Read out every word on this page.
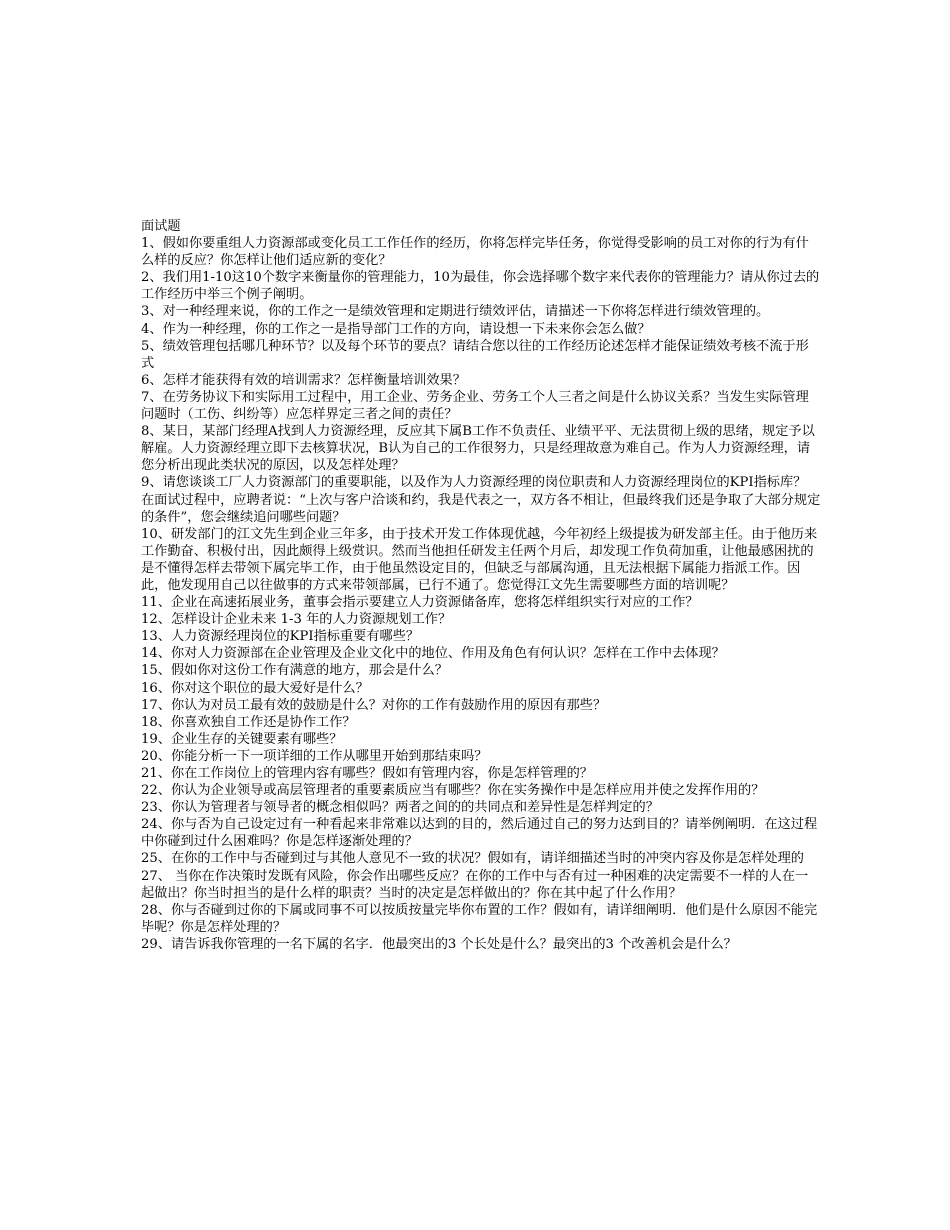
面试题

1、假如你要重组人力资源部或变化员工工作任作的经历，你将怎样完毕任务，你觉得受影响的员工对你的行为有什么样的反应？你怎样让他们适应新的变化？

2、我们用1-10这10个数字来衡量你的管理能力，10为最佳，你会选择哪个数字来代表你的管理能力？请从你过去的工作经历中举三个例子阐明。

3、对一种经理来说，你的工作之一是绩效管理和定期进行绩效评估，请描述一下你将怎样进行绩效管理的。

4、作为一种经理，你的工作之一是指导部门工作的方向，请设想一下未来你会怎么做？

5、绩效管理包括哪几种环节？以及每个环节的要点？请结合您以往的工作经历论述怎样才能保证绩效考核不流于形式

6、怎样才能获得有效的培训需求？怎样衡量培训效果？

7、在劳务协议下和实际用工过程中，用工企业、劳务企业、劳务工个人三者之间是什么协议关系？当发生实际管理问题时（工伤、纠纷等）应怎样界定三者之间的责任？

8、某日，某部门经理A找到人力资源经理，反应其下属B工作不负责任、业绩平平、无法贯彻上级的思绪，规定予以解雇。人力资源经理立即下去核算状况，B认为自己的工作很努力，只是经理故意为难自己。作为人力资源经理，请您分析出现此类状况的原因，以及怎样处理？

9、请您谈谈工厂人力资源部门的重要职能，以及作为人力资源经理的岗位职责和人力资源经理岗位的KPI指标库？

在面试过程中，应聘者说：“上次与客户洽谈和约，我是代表之一，双方各不相让，但最终我们还是争取了大部分规定的条件”，您会继续追问哪些问题？

10、研发部门的江文先生到企业三年多，由于技术开发工作体现优越，今年初经上级提拔为研发部主任。由于他历来工作勤奋、积极付出，因此颇得上级赏识。然而当他担任研发主任两个月后，却发现工作负荷加重，让他最感困扰的是不懂得怎样去带领下属完毕工作，由于他虽然设定目的，但缺乏与部属沟通，且无法根据下属能力指派工作。因此，他发现用自己以往做事的方式来带领部属，已行不通了。您觉得江文先生需要哪些方面的培训呢？

11、企业在高速拓展业务，董事会指示要建立人力资源储备库，您将怎样组织实行对应的工作？

12、怎样设计企业未来 1-3 年的人力资源规划工作？

13、人力资源经理岗位的KPI指标重要有哪些？

14、你对人力资源部在企业管理及企业文化中的地位、作用及角色有何认识？怎样在工作中去体现？

15、假如你对这份工作有满意的地方，那会是什么？

16、你对这个职位的最大爱好是什么？

17、你认为对员工最有效的鼓励是什么？对你的工作有鼓励作用的原因有那些？

18、你喜欢独自工作还是协作工作？

19、企业生存的关键要素有哪些？

20、你能分析一下一项详细的工作从哪里开始到那结束吗？

21、你在工作岗位上的管理内容有哪些？假如有管理内容，你是怎样管理的？

22、你认为企业领导或高层管理者的重要素质应当有哪些？你在实务操作中是怎样应用并使之发挥作用的？

23、你认为管理者与领导者的概念相似吗？两者之间的的共同点和差异性是怎样判定的？

24、你与否为自己设定过有一种看起来非常难以达到的目的，然后通过自己的努力达到目的？请举例阐明．在这过程中你碰到过什么困难吗？你是怎样逐渐处理的？

25、在你的工作中与否碰到过与其他人意见不一致的状况？假如有，请详细描述当时的冲突内容及你是怎样处理的

27、 当你在作决策时发既有风险，你会作出哪些反应？在你的工作中与否有过一种困难的决定需要不一样的人在一起做出？你当时担当的是什么样的职责？当时的决定是怎样做出的？你在其中起了什么作用？

28、你与否碰到过你的下属或同事不可以按质按量完毕你布置的工作？假如有，请详细阐明．他们是什么原因不能完毕呢？你是怎样处理的？

29、请告诉我你管理的一名下属的名字．他最突出的3 个长处是什么？最突出的3 个改善机会是什么？
